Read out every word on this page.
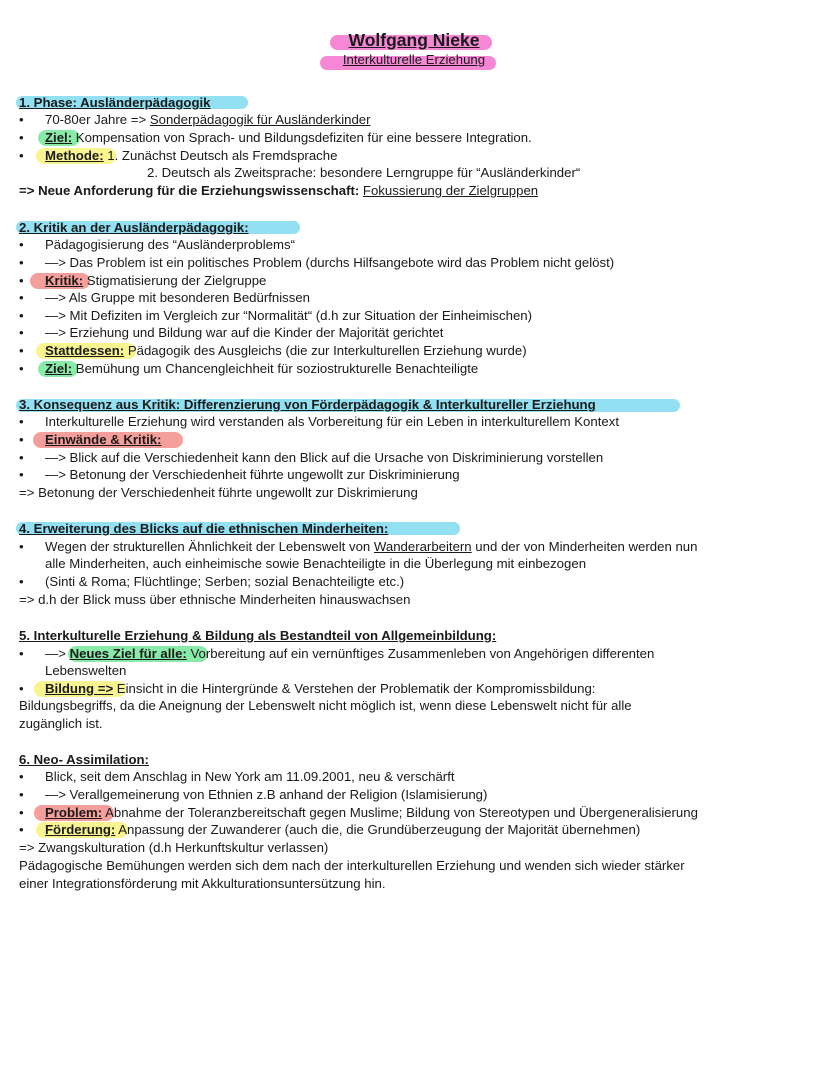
Wolfgang Nieke
Interkulturelle Erziehung
1. Phase: Ausländerpädagogik
• 70-80er Jahre => Sonderpädagogik für Ausländerkinder
• Ziel: Kompensation von Sprach- und Bildungsdefiziten für eine bessere Integration.
• Methode: 1. Zunächst Deutsch als Fremdsprache
2. Deutsch als Zweitsprache: besondere Lerngruppe für “Ausländerkinder“
=> Neue Anforderung für die Erziehungswissenschaft: Fokussierung der Zielgruppen
2. Kritik an der Ausländerpädagogik:
• Pädagogisierung des “Ausländerproblems“
• —> Das Problem ist ein politisches Problem (durchs Hilfsangebote wird das Problem nicht gelöst)
• Kritik: Stigmatisierung der Zielgruppe
• —> Als Gruppe mit besonderen Bedürfnissen
• —> Mit Defiziten im Vergleich zur “Normalität“ (d.h zur Situation der Einheimischen)
• —> Erziehung und Bildung war auf die Kinder der Majorität gerichtet
• Stattdessen: Pädagogik des Ausgleichs (die zur Interkulturellen Erziehung wurde)
• Ziel: Bemühung um Chancengleichheit für soziostrukturelle Benachteiligte
3. Konsequenz aus Kritik: Differenzierung von Förderpädagogik & Interkultureller Erziehung
• Interkulturelle Erziehung wird verstanden als Vorbereitung für ein Leben in interkulturellem Kontext
• Einwände & Kritik:
• —> Blick auf die Verschiedenheit kann den Blick auf die Ursache von Diskriminierung vorstellen
• —> Betonung der Verschiedenheit führte ungewollt zur Diskriminierung
=> Betonung der Verschiedenheit führte ungewollt zur Diskrimierung
4. Erweiterung des Blicks auf die ethnischen Minderheiten:
• Wegen der strukturellen Ähnlichkeit der Lebenswelt von Wanderarbeitern und der von Minderheiten werden nun
alle Minderheiten, auch einheimische sowie Benachteiligte in die Überlegung mit einbezogen
• (Sinti & Roma; Flüchtlinge; Serben; sozial Benachteiligte etc.)
=> d.h der Blick muss über ethnische Minderheiten hinauswachsen
5. Interkulturelle Erziehung & Bildung als Bestandteil von Allgemeinbildung:
• —> Neues Ziel für alle: Vorbereitung auf ein vernünftiges Zusammenleben von Angehörigen differenten
Lebenswelten
• Bildung => Einsicht in die Hintergründe & Verstehen der Problematik der Kompromissbildung:
Bildungsbegriffs, da die Aneignung der Lebenswelt nicht möglich ist, wenn diese Lebenswelt nicht für alle
zugänglich ist.
6. Neo- Assimilation:
• Blick, seit dem Anschlag in New York am 11.09.2001, neu & verschärft
• —> Verallgemeinerung von Ethnien z.B anhand der Religion (Islamisierung)
• Problem: Abnahme der Toleranzbereitschaft gegen Muslime; Bildung von Stereotypen und Übergeneralisierung
• Förderung: Anpassung der Zuwanderer (auch die, die Grundüberzeugung der Majorität übernehmen)
=> Zwangskulturation (d.h Herkunftskultur verlassen)
Pädagogische Bemühungen werden sich dem nach der interkulturellen Erziehung und wenden sich wieder stärker
einer Integrationsförderung mit Akkulturationsuntersützung hin.
